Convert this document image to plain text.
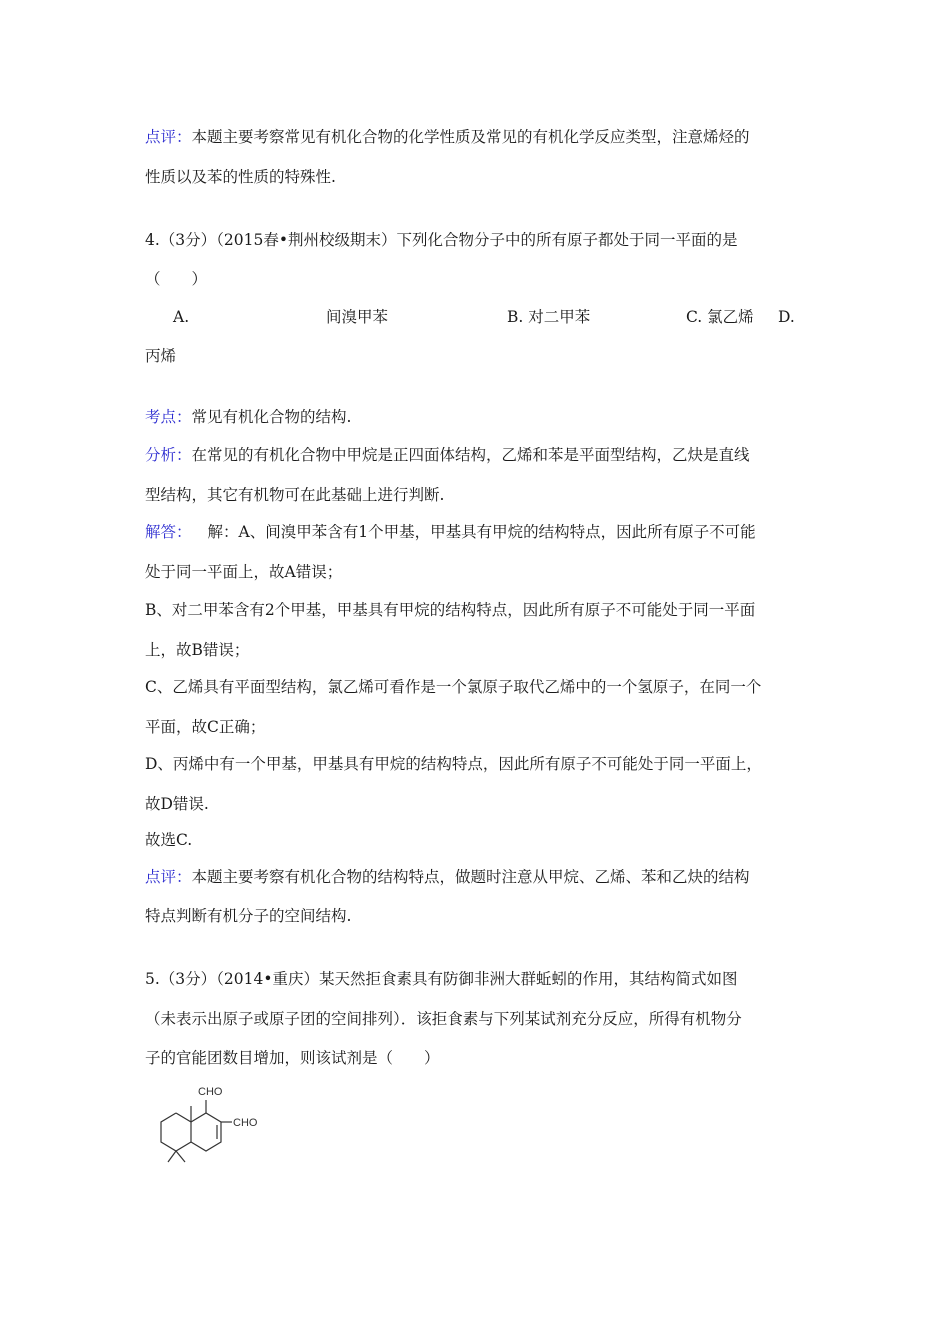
点评：本题主要考察常见有机化合物的化学性质及常见的有机化学反应类型，注意烯烃的
性质以及苯的性质的特殊性.
4.（3分）（2015春•荆州校级期末）下列化合物分子中的所有原子都处于同一平面的是
（　　）
A.	间溴甲苯	B. 对二甲苯	C. 氯乙烯 D.
丙烯
考点：常见有机化合物的结构.
分析：在常见的有机化合物中甲烷是正四面体结构，乙烯和苯是平面型结构，乙炔是直线
型结构，其它有机物可在此基础上进行判断.
解答： 解：A、间溴甲苯含有1个甲基，甲基具有甲烷的结构特点，因此所有原子不可能
处于同一平面上，故A错误；
B、对二甲苯含有2个甲基，甲基具有甲烷的结构特点，因此所有原子不可能处于同一平面
上，故B错误；
C、乙烯具有平面型结构，氯乙烯可看作是一个氯原子取代乙烯中的一个氢原子，在同一个
平面，故C正确；
D、丙烯中有一个甲基，甲基具有甲烷的结构特点，因此所有原子不可能处于同一平面上，
故D错误.
故选C.
点评：本题主要考察有机化合物的结构特点，做题时注意从甲烷、乙烯、苯和乙炔的结构
特点判断有机分子的空间结构.
5.（3分）（2014•重庆）某天然拒食素具有防御非洲大群蚯蚓的作用，其结构简式如图
（未表示出原子或原子团的空间排列）．该拒食素与下列某试剂充分反应，所得有机物分
子的官能团数目增加，则该试剂是（　　）
CHO
CHO
